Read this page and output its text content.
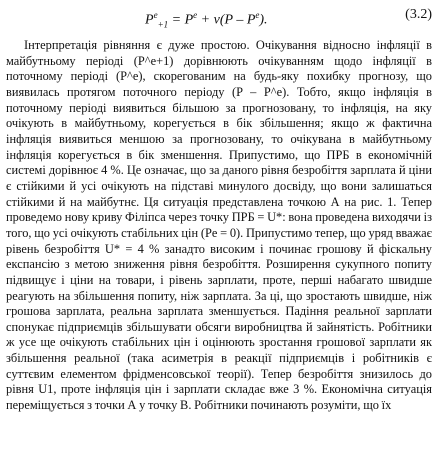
$P^e_{+1} = P^e + v(P - P^e)$.	(3.2)

Інтерпретація рівняння є дуже простою. Очікування відносно інфляції в майбутньому періоді (P^e+1) дорівнюють очікуванням щодо інфляції в поточному періоді (P^e), скорегованим на будь-яку похибку прогнозу, що виявилась протягом поточного періоду (P – P^e). Тобто, якщо інфляція в поточному періоді виявиться більшою за прогнозовану, то інфляція, на яку очікують в майбутньому, корегується в бік збільшення; якщо ж фактична інфляція виявиться меншою за прогнозовану, то очікувана в майбутньому інфляція корегується в бік зменшення. Припустимо, що ПРБ в економічній системі дорівнює 4 %. Це означає, що за даного рівня безробіття зарплата й ціни є стійкими й усі очікують на підставі минулого досвіду, що вони залишаться стійкими й на майбутнє. Ця ситуація представлена точкою А на рис. 1. Тепер проведемо нову криву Філіпса через точку ПРБ = U*: вона проведена виходячи із того, що усі очікують стабільних цін (Pe = 0). Припустимо тепер, що уряд вважає рівень безробіття U* = 4 % занадто високим і починає грошову й фіскальну експансію з метою зниження рівня безробіття. Розширення сукупного попиту підвищує і ціни на товари, і рівень зарплати, проте, перші набагато швидше реагують на збільшення попиту, ніж зарплата. За ці, що зростають швидше, ніж грошова зарплата, реальна зарплата зменшується. Падіння реальної зарплати спонукає підприємців збільшувати обсяги виробництва й зайнятість. Робітники ж усе ще очікують стабільних цін і оцінюють зростання грошової зарплати як збільшення реальної (така асиметрія в реакції підприємців і робітників є суттєвим елементом фрідменсовської теорії). Тепер безробіття знизилось до рівня U1, проте інфляція цін і зарплати складає вже 3 %. Економічна ситуація переміщується з точки А у точку В. Робітники починають розуміти, що їх
